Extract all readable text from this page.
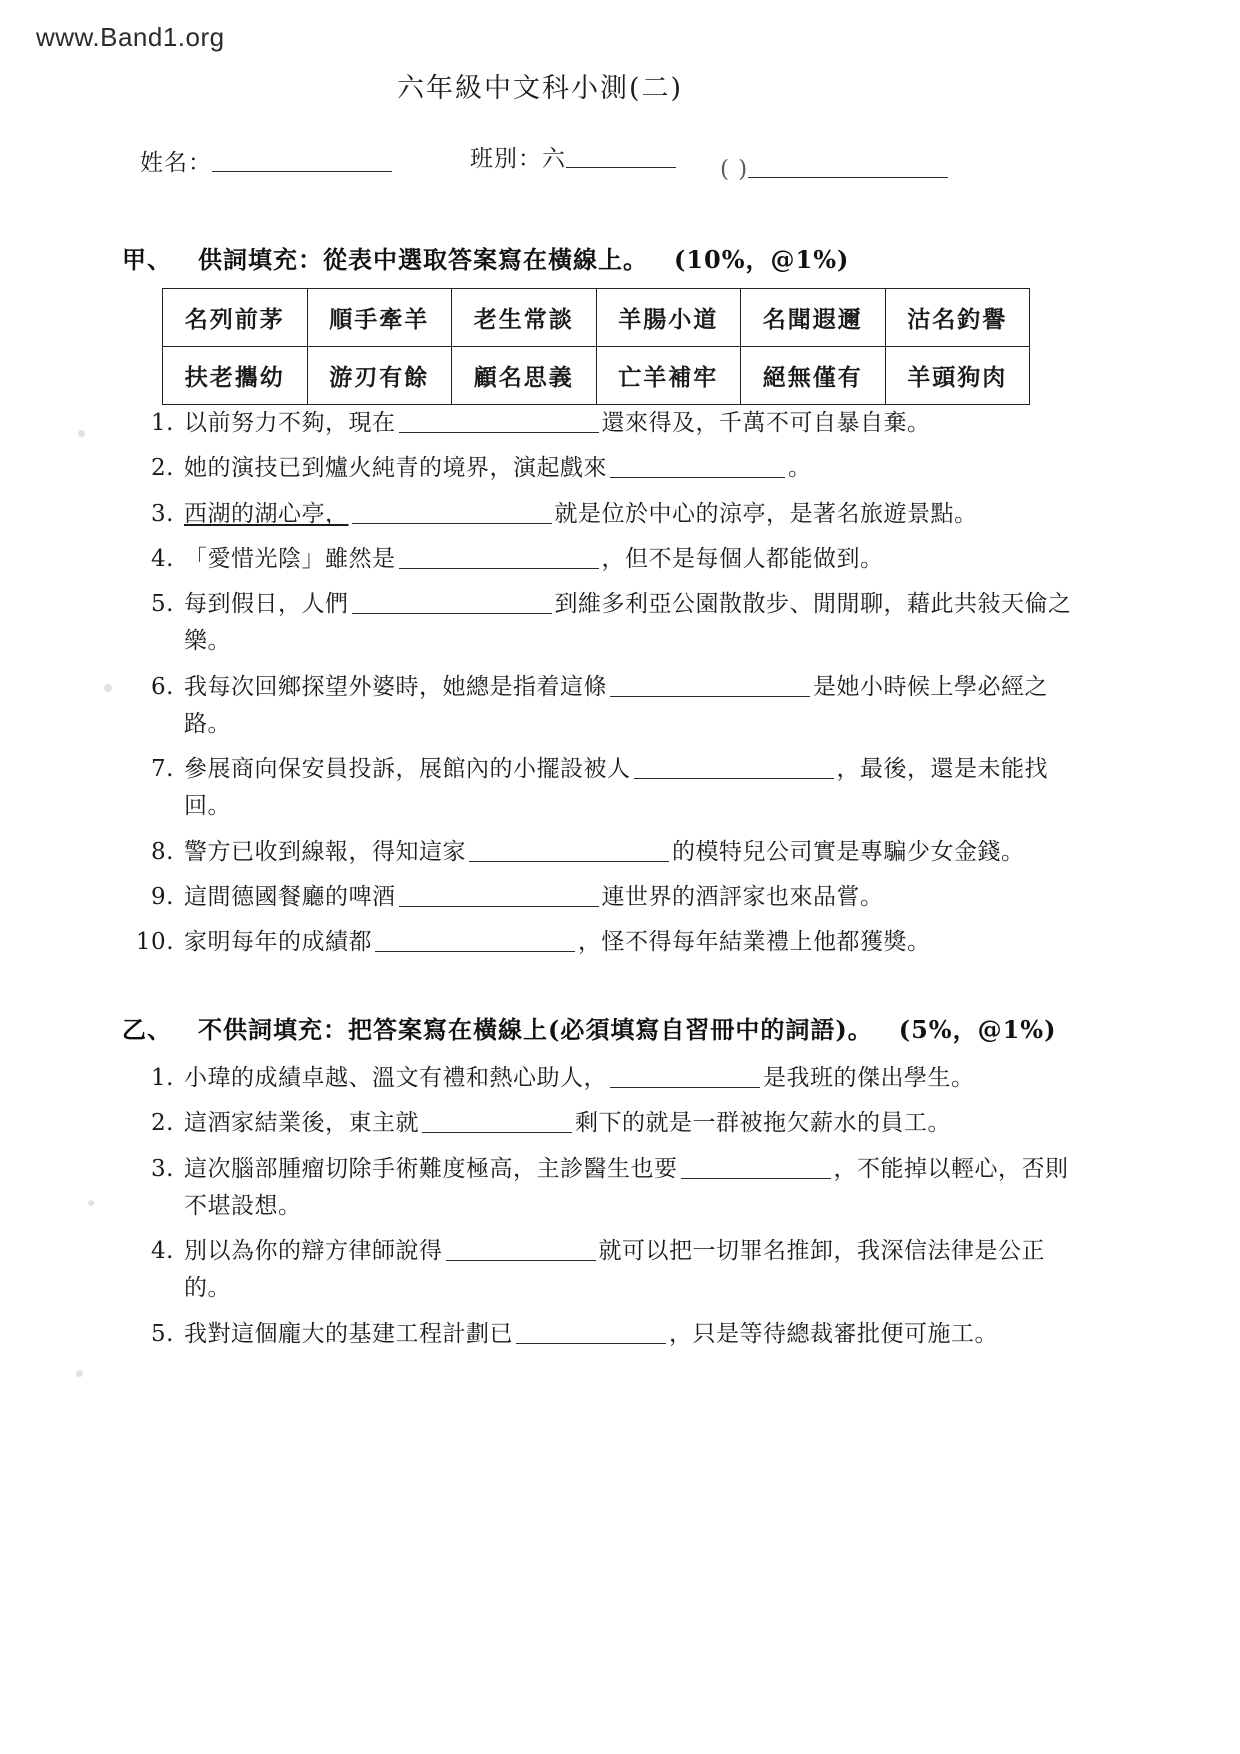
www.Band1.org
六年級中文科小測(二)
姓名：	班別：六	( )
甲、 供詞填充：從表中選取答案寫在橫線上。 (10%，@1%)
名列前茅	順手牽羊	老生常談	羊腸小道	名聞遐邇	沽名釣譽
扶老攜幼	游刃有餘	顧名思義	亡羊補牢	絕無僅有	羊頭狗肉
1. 以前努力不夠，現在	還來得及，千萬不可自暴自棄。
2. 她的演技已到爐火純青的境界，演起戲來	。
3. 西湖的湖心亭，	就是位於中心的涼亭，是著名旅遊景點。
4. 「愛惜光陰」雖然是	，但不是每個人都能做到。
5. 每到假日，人們	到維多利亞公園散散步、閒閒聊，藉此共敍天倫之樂。
6. 我每次回鄉探望外婆時，她總是指着這條	是她小時候上學必經之路。
7. 參展商向保安員投訴，展館內的小擺設被人	，最後，還是未能找回。
8. 警方已收到線報，得知這家	的模特兒公司實是專騙少女金錢。
9. 這間德國餐廳的啤酒	連世界的酒評家也來品嘗。
10. 家明每年的成績都	，怪不得每年結業禮上他都獲獎。
乙、 不供詞填充：把答案寫在橫線上(必須填寫自習冊中的詞語)。 (5%，@1%)
1. 小瑋的成績卓越、溫文有禮和熱心助人，	是我班的傑出學生。
2. 這酒家結業後，東主就	剩下的就是一群被拖欠薪水的員工。
3. 這次腦部腫瘤切除手術難度極高，主診醫生也要	，不能掉以輕心，否則不堪設想。
4. 別以為你的辯方律師說得	就可以把一切罪名推卸，我深信法律是公正的。
5. 我對這個龐大的基建工程計劃已	，只是等待總裁審批便可施工。
